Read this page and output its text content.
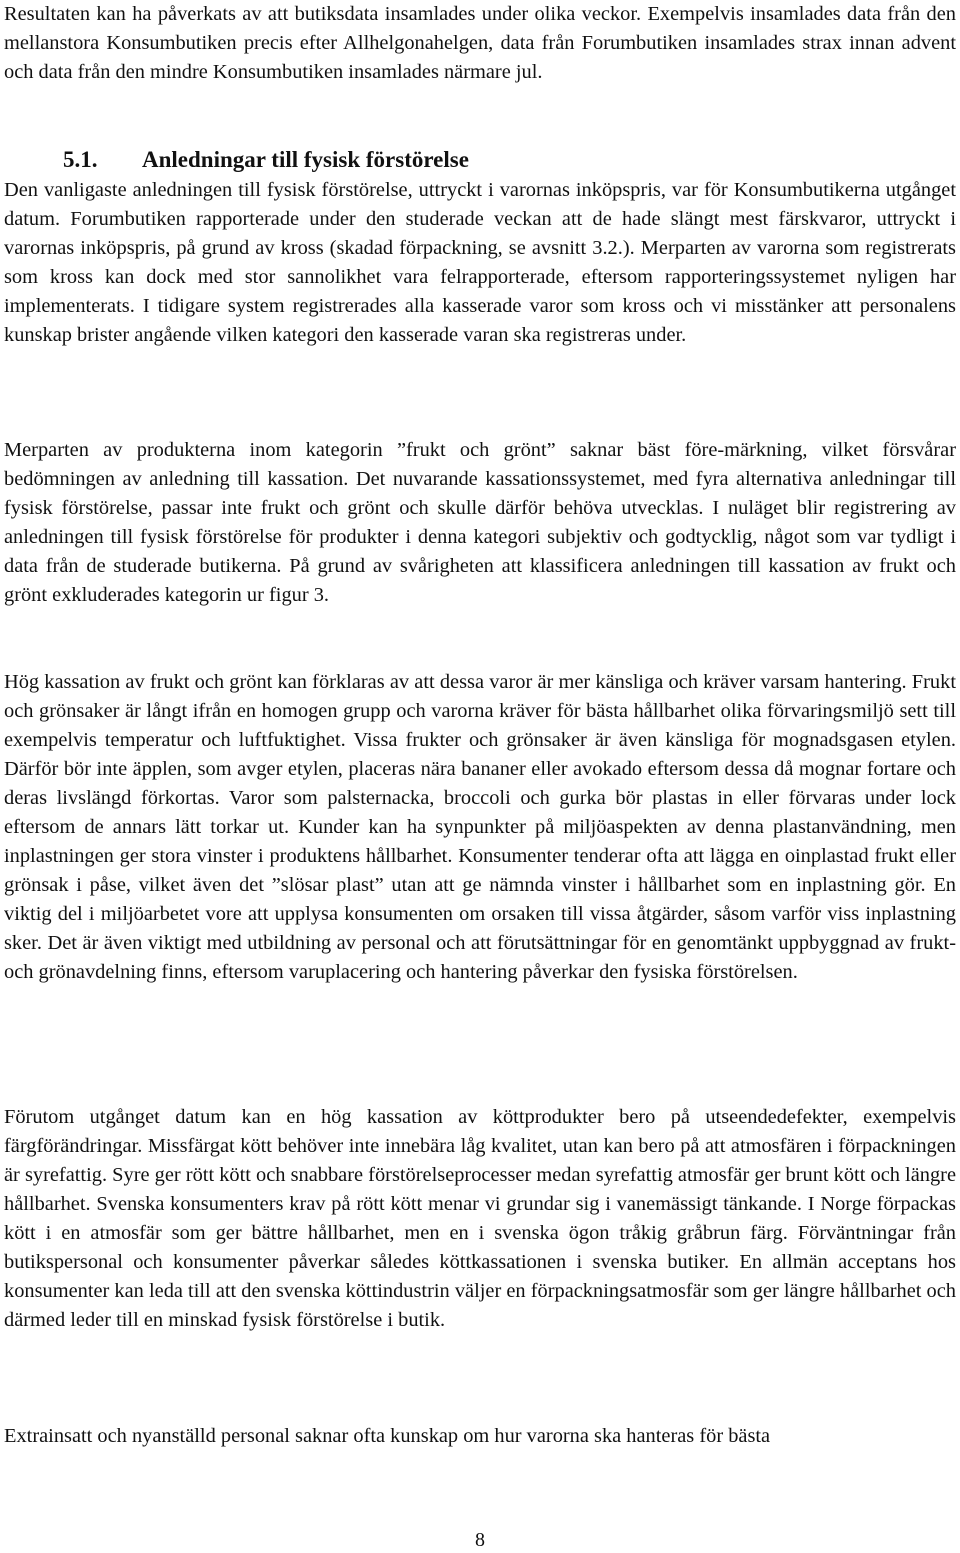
Resultaten kan ha påverkats av att butiksdata insamlades under olika veckor. Exempelvis insamlades data från den mellanstora Konsumbutiken precis efter Allhelgonahelgen, data från Forumbutiken insamlades strax innan advent och data från den mindre Konsumbutiken insamlades närmare jul.

5.1. Anledningar till fysisk förstörelse

Den vanligaste anledningen till fysisk förstörelse, uttryckt i varornas inköpspris, var för Konsumbutikerna utgånget datum. Forumbutiken rapporterade under den studerade veckan att de hade slängt mest färskvaror, uttryckt i varornas inköpspris, på grund av kross (skadad förpackning, se avsnitt 3.2.). Merparten av varorna som registrerats som kross kan dock med stor sannolikhet vara felrapporterade, eftersom rapporteringssystemet nyligen har implementerats. I tidigare system registrerades alla kasserade varor som kross och vi misstänker att personalens kunskap brister angående vilken kategori den kasserade varan ska registreras under.

Merparten av produkterna inom kategorin ”frukt och grönt” saknar bäst före-märkning, vilket försvårar bedömningen av anledning till kassation. Det nuvarande kassationssystemet, med fyra alternativa anledningar till fysisk förstörelse, passar inte frukt och grönt och skulle därför behöva utvecklas. I nuläget blir registrering av anledningen till fysisk förstörelse för produkter i denna kategori subjektiv och godtycklig, något som var tydligt i data från de studerade butikerna. På grund av svårigheten att klassificera anledningen till kassation av frukt och grönt exkluderades kategorin ur figur 3.

Hög kassation av frukt och grönt kan förklaras av att dessa varor är mer känsliga och kräver varsam hantering. Frukt och grönsaker är långt ifrån en homogen grupp och varorna kräver för bästa hållbarhet olika förvaringsmiljö sett till exempelvis temperatur och luftfuktighet. Vissa frukter och grönsaker är även känsliga för mognadsgasen etylen. Därför bör inte äpplen, som avger etylen, placeras nära bananer eller avokado eftersom dessa då mognar fortare och deras livslängd förkortas. Varor som palsternacka, broccoli och gurka bör plastas in eller förvaras under lock eftersom de annars lätt torkar ut. Kunder kan ha synpunkter på miljöaspekten av denna plastanvändning, men inplastningen ger stora vinster i produktens hållbarhet. Konsumenter tenderar ofta att lägga en oinplastad frukt eller grönsak i påse, vilket även det ”slösar plast” utan att ge nämnda vinster i hållbarhet som en inplastning gör. En viktig del i miljöarbetet vore att upplysa konsumenten om orsaken till vissa åtgärder, såsom varför viss inplastning sker. Det är även viktigt med utbildning av personal och att förutsättningar för en genomtänkt uppbyggnad av frukt- och grönavdelning finns, eftersom varuplacering och hantering påverkar den fysiska förstörelsen.

Förutom utgånget datum kan en hög kassation av köttprodukter bero på utseendedefekter, exempelvis färgförändringar. Missfärgat kött behöver inte innebära låg kvalitet, utan kan bero på att atmosfären i förpackningen är syrefattig. Syre ger rött kött och snabbare förstörelseprocesser medan syrefattig atmosfär ger brunt kött och längre hållbarhet. Svenska konsumenters krav på rött kött menar vi grundar sig i vanemässigt tänkande. I Norge förpackas kött i en atmosfär som ger bättre hållbarhet, men en i svenska ögon tråkig gråbrun färg. Förväntningar från butikspersonal och konsumenter påverkar således köttkassationen i svenska butiker. En allmän acceptans hos konsumenter kan leda till att den svenska köttindustrin väljer en förpackningsatmosfär som ger längre hållbarhet och därmed leder till en minskad fysisk förstörelse i butik.

Extrainsatt och nyanställd personal saknar ofta kunskap om hur varorna ska hanteras för bästa

8
